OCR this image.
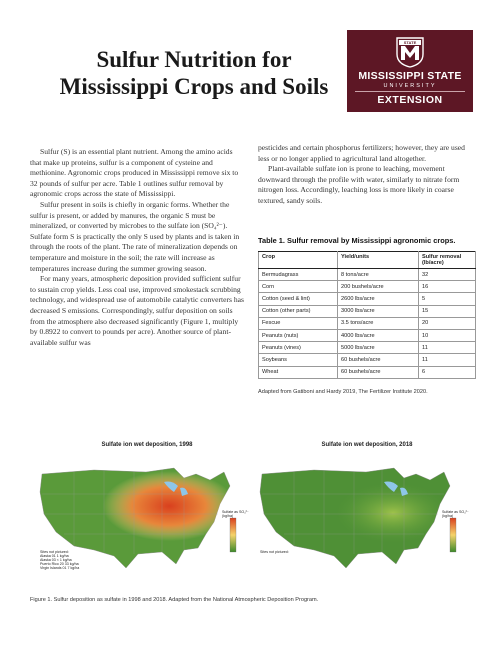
Sulfur Nutrition for
Mississippi Crops and Soils
STATE
MISSISSIPPI STATE
UNIVERSITY
EXTENSION

Sulfur (S) is an essential plant nutrient. Among the amino acids that make up proteins, sulfur is a component of cysteine and methionine. Agronomic crops produced in Mississippi remove six to 32 pounds of sulfur per acre. Table 1 outlines sulfur removal by agronomic crops across the state of Mississippi.

Sulfur present in soils is chiefly in organic forms. Whether the sulfur is present, or added by manures, the organic S must be mineralized, or converted by microbes to the sulfate ion (SO₄²⁻). Sulfate form S is practically the only S used by plants and is taken in through the roots of the plant. The rate of mineralization depends on temperature and moisture in the soil; the rate will increase as temperatures increase during the summer growing season.

For many years, atmospheric deposition provided sufficient sulfur to sustain crop yields. Less coal use, improved smokestack scrubbing technology, and widespread use of automobile catalytic converters has decreased S emissions. Correspondingly, sulfur deposition on soils from the atmosphere also decreased significantly (Figure 1, multiply by 0.8922 to convert to pounds per acre). Another source of plant-available sulfur was

pesticides and certain phosphorus fertilizers; however, they are used less or no longer applied to agricultural land altogether.

Plant-available sulfate ion is prone to leaching, movement downward through the profile with water, similarly to nitrate form nitrogen loss. Accordingly, leaching loss is more likely in coarse textured, sandy soils.

Table 1. Sulfur removal by Mississippi agronomic crops.
Crop	Yield/units	Sulfur removal (lb/acre)
Bermudagrass	8 tons/acre	32
Corn	200 bushels/acre	16
Cotton (seed & lint)	2600 lbs/acre	5
Cotton (other parts)	3000 lbs/acre	15
Fescue	3.5 tons/acre	20
Peanuts (nuts)	4000 lbs/acre	10
Peanuts (vines)	5000 lbs/acre	11
Soybeans	60 bushels/acre	11
Wheat	60 bushels/acre	6
Adapted from Gatiboni and Hardy 2019, The Fertilizer Institute 2020.
Sulfate ion wet deposition, 1998
Sulfate as SO₄²⁻ (kg/ha)
Sites not pictured:
Alaska 01 1 kg/ha
Alaska 03 < 1 kg/ha
Puerto Rico 20 33 kg/ha
Virgin Islands 01 7 kg/ha
Sulfate ion wet deposition, 2018
Sulfate as SO₄²⁻ (kg/ha)
Sites not pictured:
Figure 1. Sulfur deposition as sulfate in 1998 and 2018. Adapted from the National Atmospheric Deposition Program.
